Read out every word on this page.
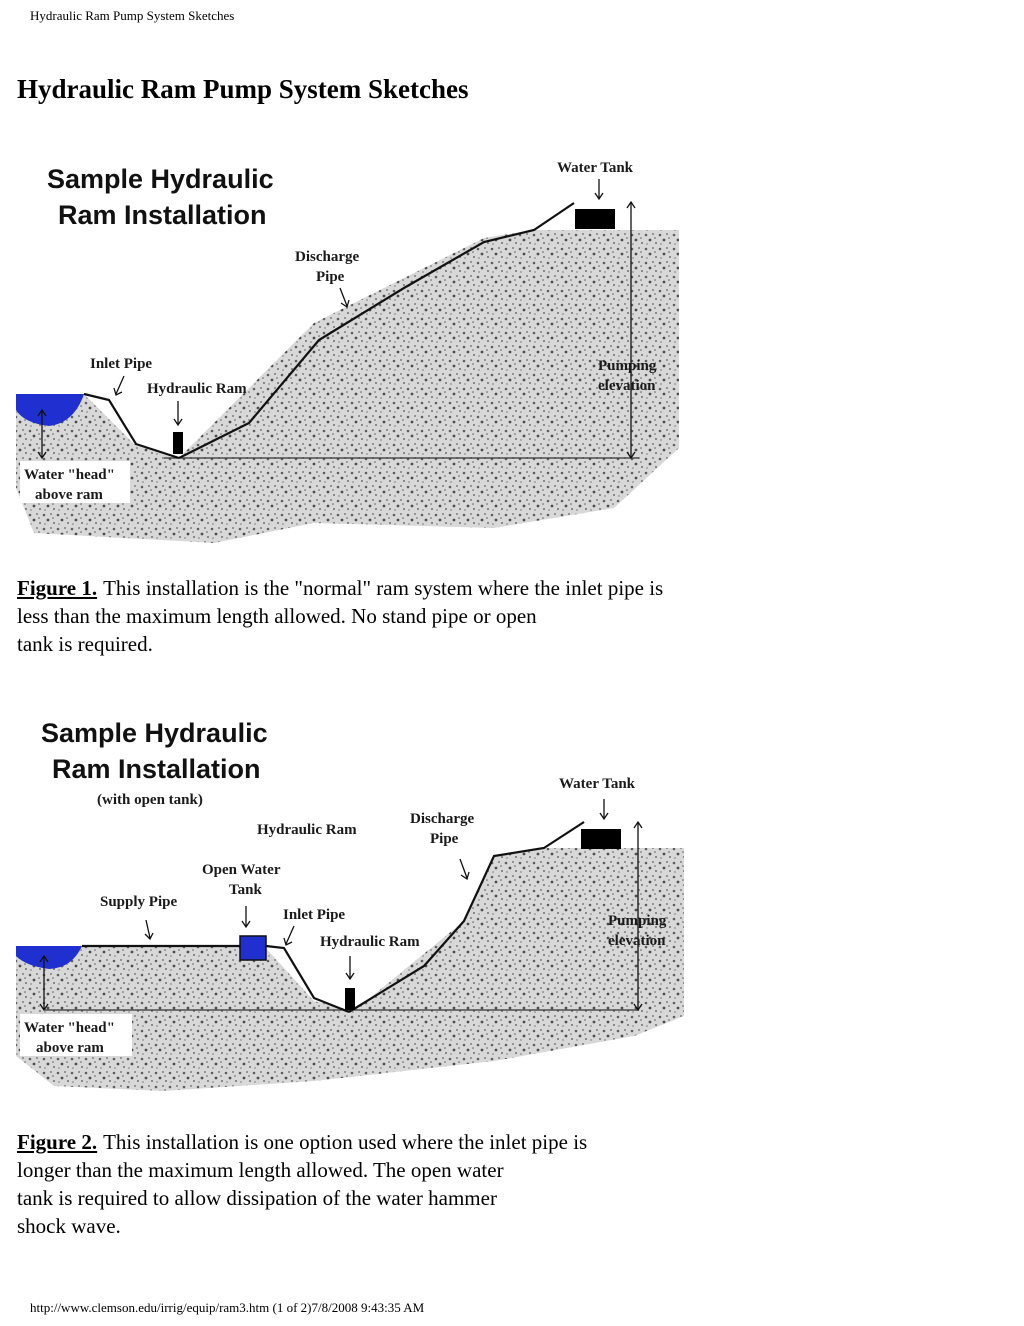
Hydraulic Ram Pump System Sketches
Hydraulic Ram Pump System Sketches
Sample Hydraulic
Ram Installation
Water Tank
Discharge
Pipe
Inlet Pipe
Hydraulic Ram
Pumping
elevation
Water "head"
above ram

Figure 1. This installation is the "normal" ram system where the inlet pipe is
less than the maximum length allowed. No stand pipe or open
tank is required.

Sample Hydraulic
Ram Installation
(with open tank)
Water Tank
Discharge
Pipe
Hydraulic Ram
Open Water
Tank
Supply Pipe
Inlet Pipe
Hydraulic Ram
Pumping
elevation
Water "head"
above ram

Figure 2. This installation is one option used where the inlet pipe is
longer than the maximum length allowed. The open water
tank is required to allow dissipation of the water hammer
shock wave.

http://www.clemson.edu/irrig/equip/ram3.htm (1 of 2)7/8/2008 9:43:35 AM
